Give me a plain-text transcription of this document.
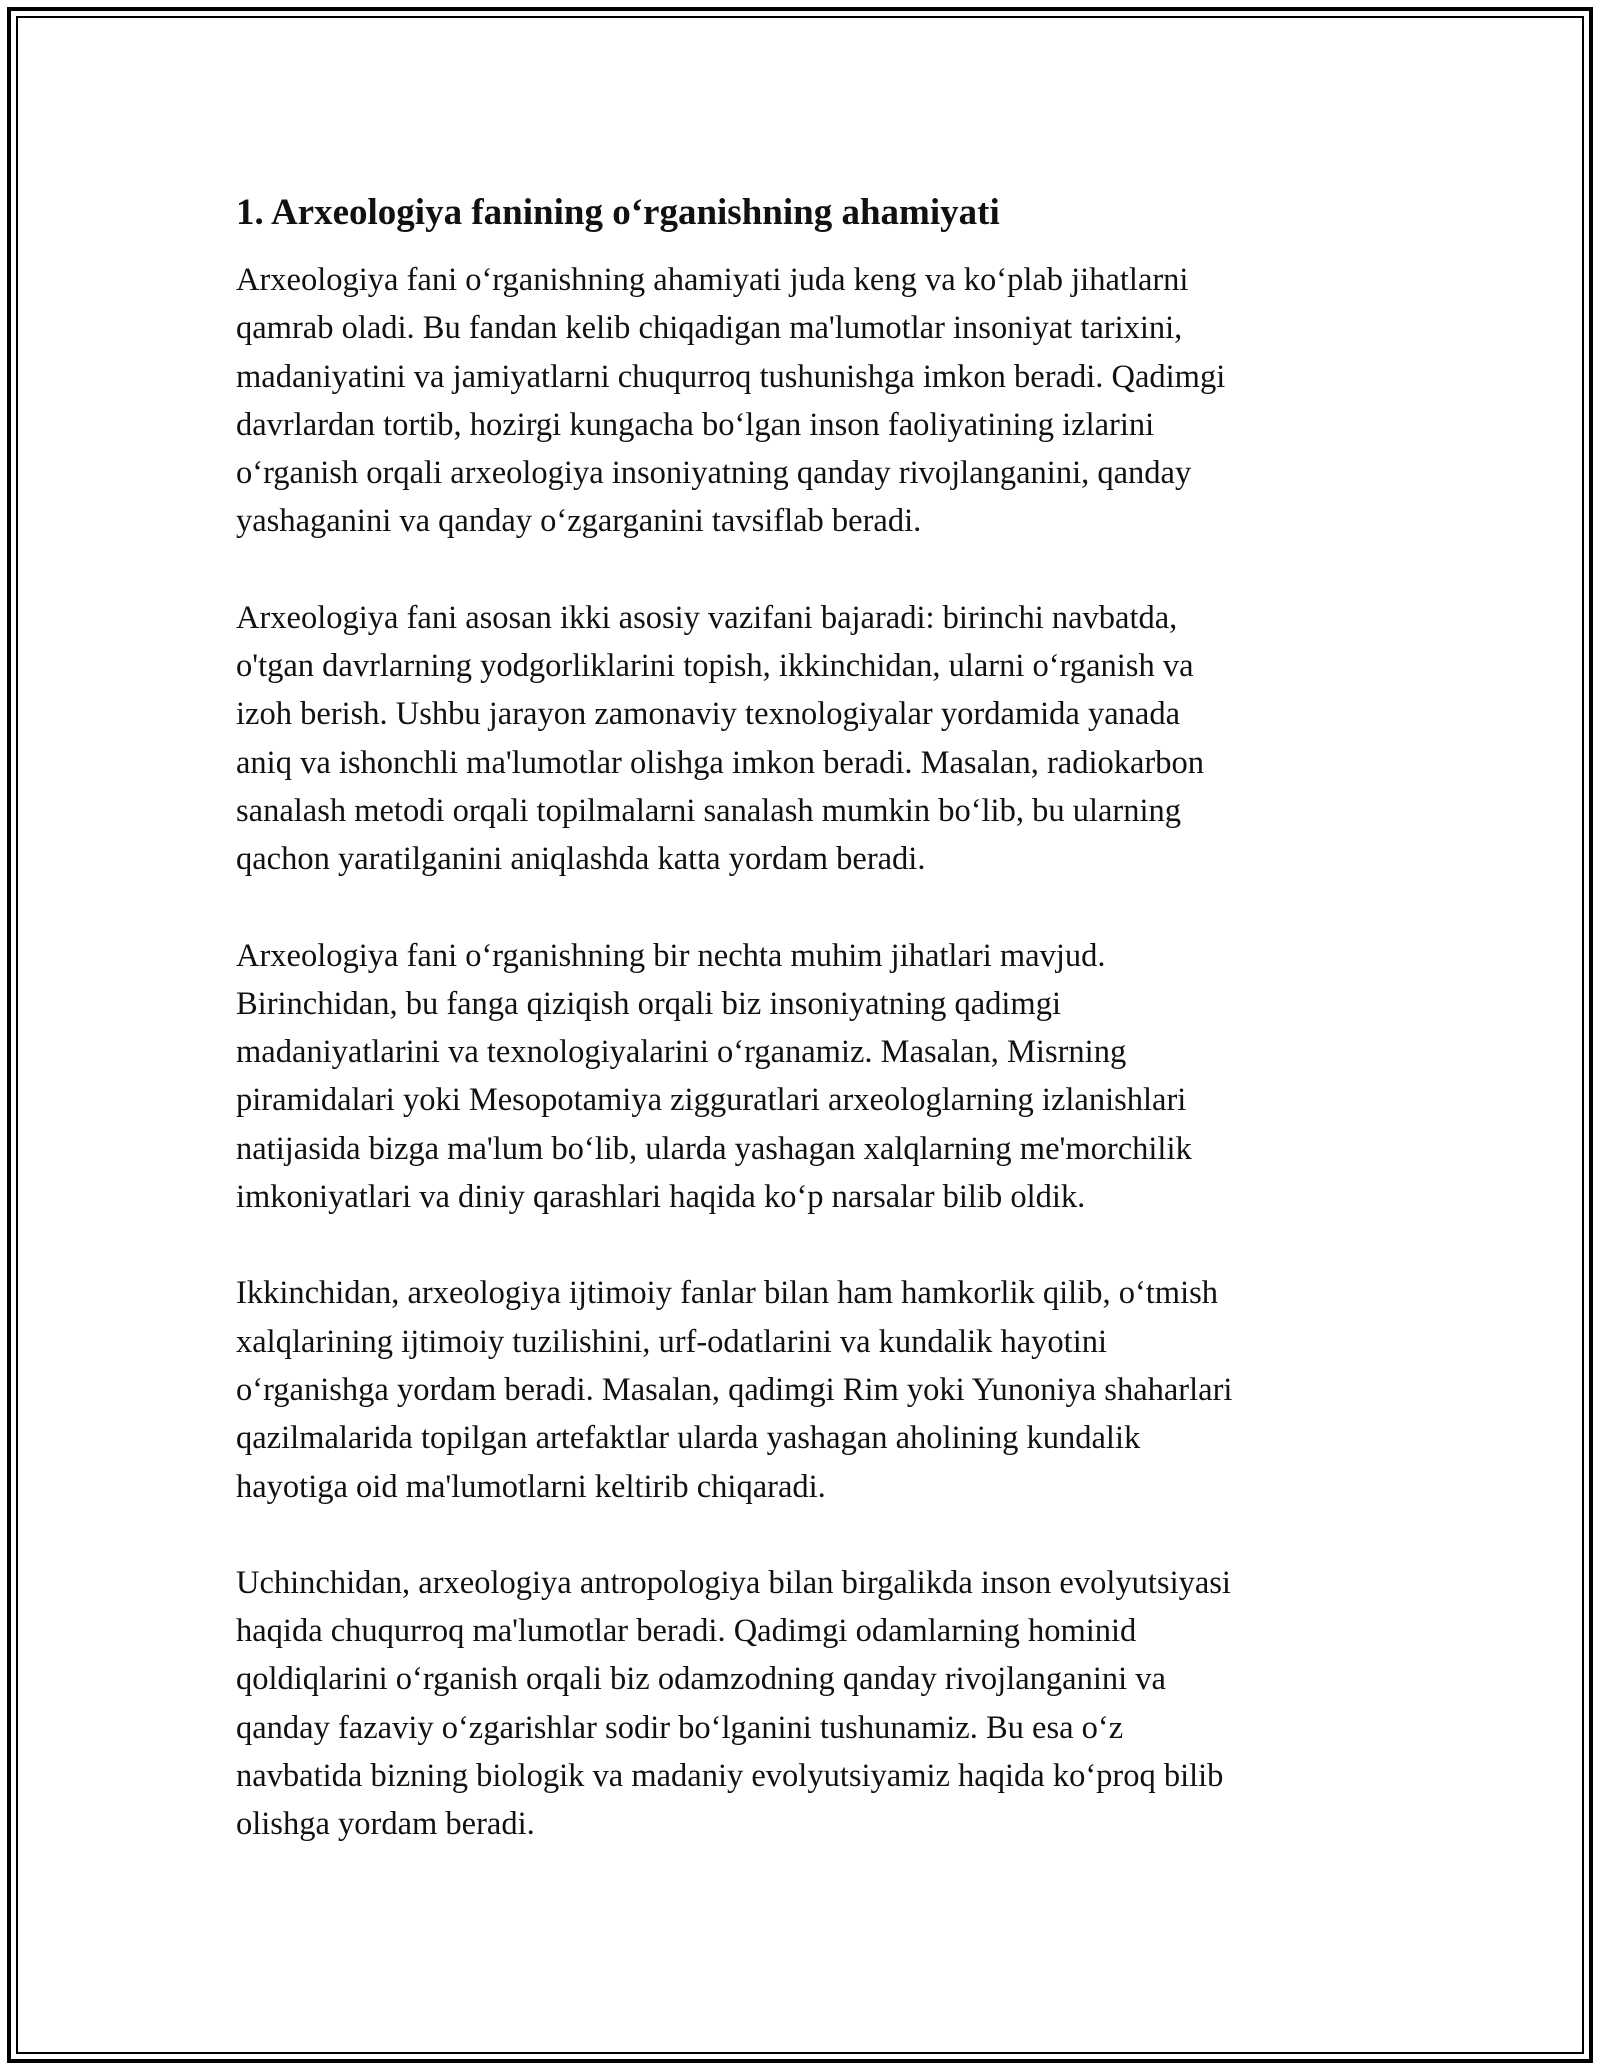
1. Arxeologiya fanining oʻrganishning ahamiyati

Arxeologiya fani oʻrganishning ahamiyati juda keng va koʻplab jihatlarni
qamrab oladi. Bu fandan kelib chiqadigan ma'lumotlar insoniyat tarixini,
madaniyatini va jamiyatlarni chuqurroq tushunishga imkon beradi. Qadimgi
davrlardan tortib, hozirgi kungacha boʻlgan inson faoliyatining izlarini
oʻrganish orqali arxeologiya insoniyatning qanday rivojlanganini, qanday
yashaganini va qanday oʻzgarganini tavsiflab beradi.

Arxeologiya fani asosan ikki asosiy vazifani bajaradi: birinchi navbatda,
o'tgan davrlarning yodgorliklarini topish, ikkinchidan, ularni oʻrganish va
izoh berish. Ushbu jarayon zamonaviy texnologiyalar yordamida yanada
aniq va ishonchli ma'lumotlar olishga imkon beradi. Masalan, radiokarbon
sanalash metodi orqali topilmalarni sanalash mumkin boʻlib, bu ularning
qachon yaratilganini aniqlashda katta yordam beradi.

Arxeologiya fani oʻrganishning bir nechta muhim jihatlari mavjud.
Birinchidan, bu fanga qiziqish orqali biz insoniyatning qadimgi
madaniyatlarini va texnologiyalarini oʻrganamiz. Masalan, Misrning
piramidalari yoki Mesopotamiya zigguratlari arxeologlarning izlanishlari
natijasida bizga ma'lum boʻlib, ularda yashagan xalqlarning me'morchilik
imkoniyatlari va diniy qarashlari haqida koʻp narsalar bilib oldik.

Ikkinchidan, arxeologiya ijtimoiy fanlar bilan ham hamkorlik qilib, oʻtmish
xalqlarining ijtimoiy tuzilishini, urf-odatlarini va kundalik hayotini
oʻrganishga yordam beradi. Masalan, qadimgi Rim yoki Yunoniya shaharlari
qazilmalarida topilgan artefaktlar ularda yashagan aholining kundalik
hayotiga oid ma'lumotlarni keltirib chiqaradi.

Uchinchidan, arxeologiya antropologiya bilan birgalikda inson evolyutsiyasi
haqida chuqurroq ma'lumotlar beradi. Qadimgi odamlarning hominid
qoldiqlarini oʻrganish orqali biz odamzodning qanday rivojlanganini va
qanday fazaviy oʻzgarishlar sodir boʻlganini tushunamiz. Bu esa oʻz
navbatida bizning biologik va madaniy evolyutsiyamiz haqida koʻproq bilib
olishga yordam beradi.
